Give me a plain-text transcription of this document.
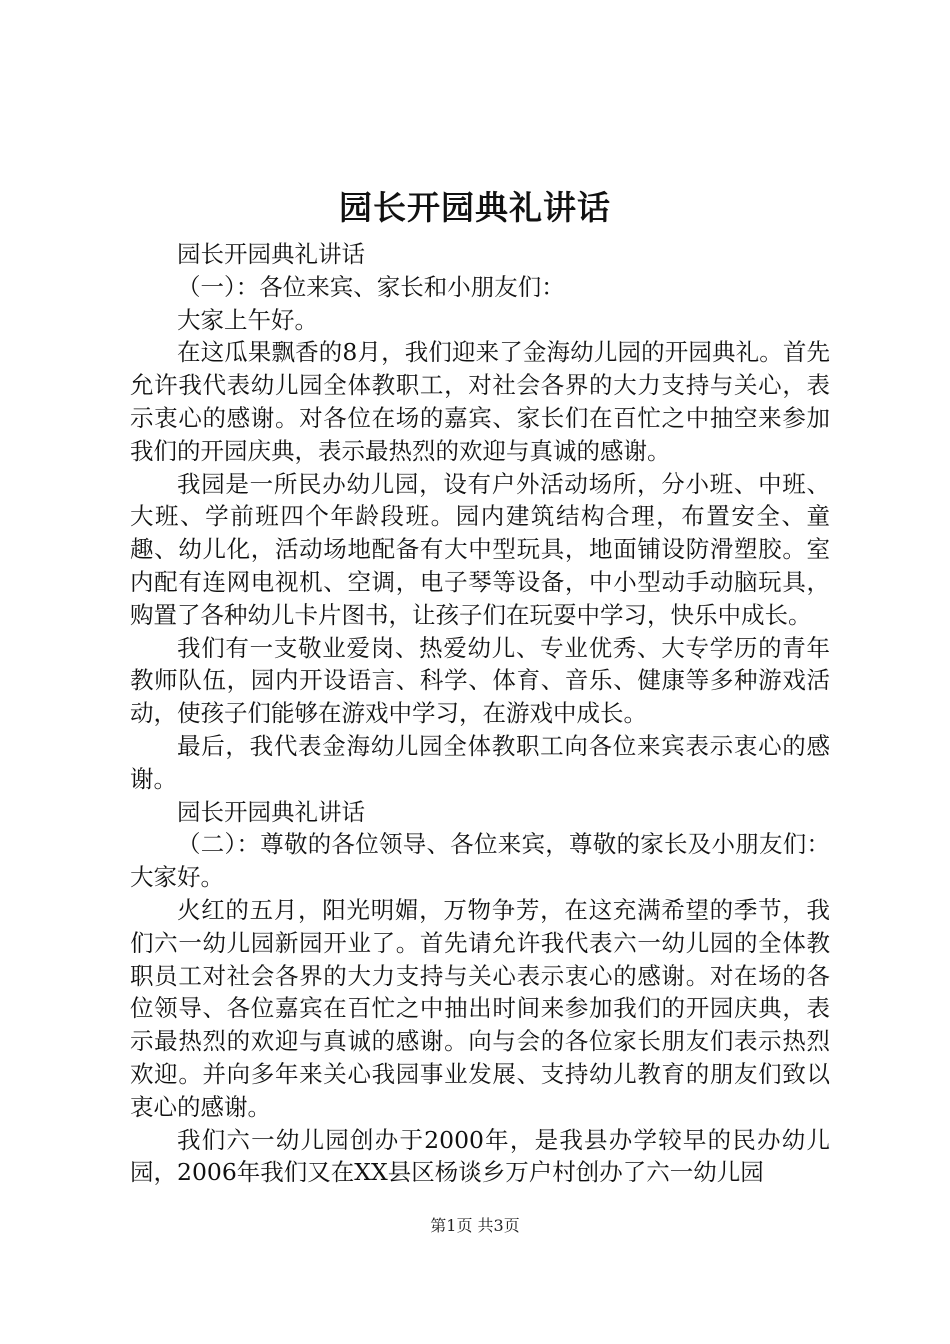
园长开园典礼讲话

园长开园典礼讲话

（一）：各位来宾、家长和小朋友们：

大家上午好。

在这瓜果飘香的8月，我们迎来了金海幼儿园的开园典礼。首先允许我代表幼儿园全体教职工，对社会各界的大力支持与关心，表示衷心的感谢。对各位在场的嘉宾、家长们在百忙之中抽空来参加我们的开园庆典，表示最热烈的欢迎与真诚的感谢。

我园是一所民办幼儿园，设有户外活动场所，分小班、中班、大班、学前班四个年龄段班。园内建筑结构合理，布置安全、童趣、幼儿化，活动场地配备有大中型玩具，地面铺设防滑塑胶。室内配有连网电视机、空调，电子琴等设备，中小型动手动脑玩具，购置了各种幼儿卡片图书，让孩子们在玩耍中学习，快乐中成长。

我们有一支敬业爱岗、热爱幼儿、专业优秀、大专学历的青年教师队伍，园内开设语言、科学、体育、音乐、健康等多种游戏活动，使孩子们能够在游戏中学习，在游戏中成长。

最后，我代表金海幼儿园全体教职工向各位来宾表示衷心的感谢。

园长开园典礼讲话

（二）：尊敬的各位领导、各位来宾，尊敬的家长及小朋友们：大家好。

火红的五月，阳光明媚，万物争芳，在这充满希望的季节，我们六一幼儿园新园开业了。首先请允许我代表六一幼儿园的全体教职员工对社会各界的大力支持与关心表示衷心的感谢。对在场的各位领导、各位嘉宾在百忙之中抽出时间来参加我们的开园庆典，表示最热烈的欢迎与真诚的感谢。向与会的各位家长朋友们表示热烈欢迎。并向多年来关心我园事业发展、支持幼儿教育的朋友们致以衷心的感谢。

我们六一幼儿园创办于2000年，是我县办学较早的民办幼儿园，2006年我们又在XX县区杨谈乡万户村创办了六一幼儿园

第1页 共3页
